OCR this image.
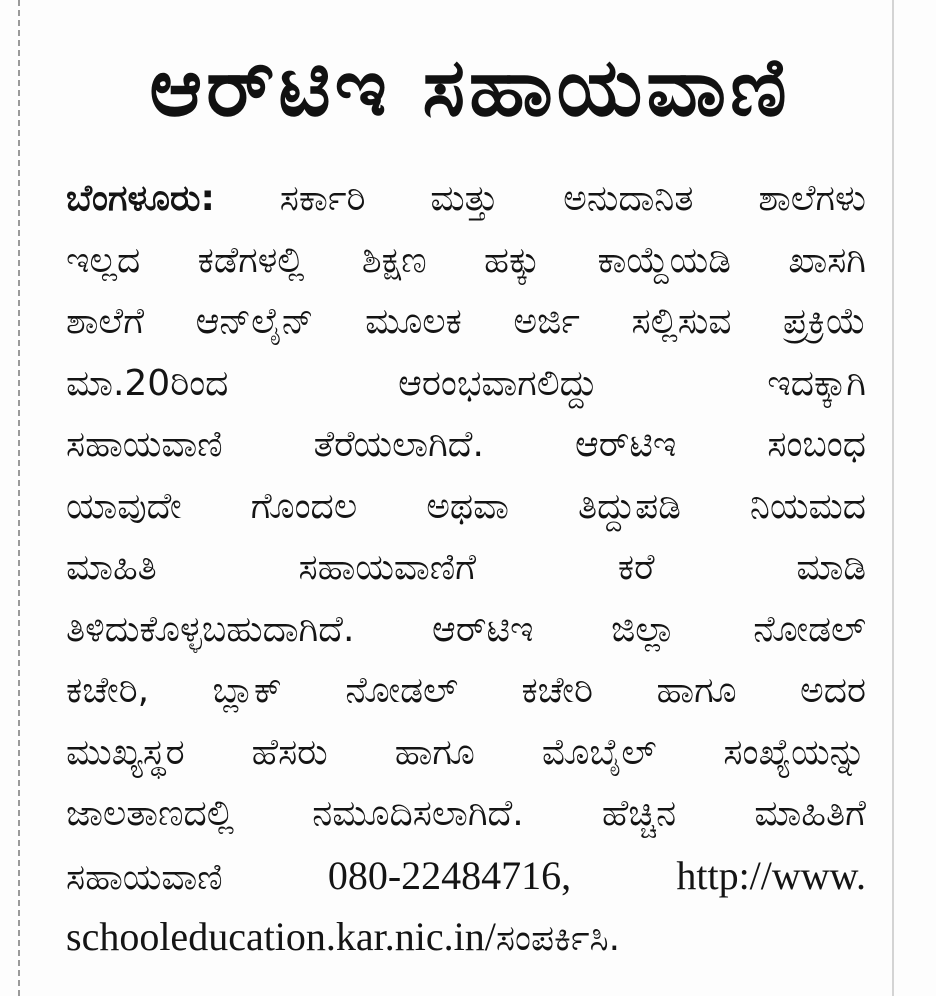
ಆರ್‌ಟಿಇ ಸಹಾಯವಾಣಿ
ಬೆಂಗಳೂರು: ಸರ್ಕಾರಿ ಮತ್ತು ಅನುದಾನಿತ ಶಾಲೆಗಳು
ಇಲ್ಲದ ಕಡೆಗಳಲ್ಲಿ ಶಿಕ್ಷಣ ಹಕ್ಕು ಕಾಯ್ದೆಯಡಿ ಖಾಸಗಿ
ಶಾಲೆಗೆ ಆನ್‌ಲೈನ್ ಮೂಲಕ ಅರ್ಜಿ ಸಲ್ಲಿಸುವ ಪ್ರಕ್ರಿಯೆ
ಮಾ.20ರಿಂದ ಆರಂಭವಾಗಲಿದ್ದು ಇದಕ್ಕಾಗಿ
ಸಹಾಯವಾಣಿ ತೆರೆಯಲಾಗಿದೆ. ಆರ್‌ಟಿಇ ಸಂಬಂಧ
ಯಾವುದೇ ಗೊಂದಲ ಅಥವಾ ತಿದ್ದುಪಡಿ ನಿಯಮದ
ಮಾಹಿತಿ ಸಹಾಯವಾಣಿಗೆ ಕರೆ ಮಾಡಿ
ತಿಳಿದುಕೊಳ್ಳಬಹುದಾಗಿದೆ. ಆರ್‌ಟಿಇ ಜಿಲ್ಲಾ ನೋಡಲ್
ಕಚೇರಿ, ಬ್ಲಾಕ್ ನೋಡಲ್ ಕಚೇರಿ ಹಾಗೂ ಅದರ
ಮುಖ್ಯಸ್ಥರ ಹೆಸರು ಹಾಗೂ ಮೊಬೈಲ್ ಸಂಖ್ಯೆಯನ್ನು
ಜಾಲತಾಣದಲ್ಲಿ ನಮೂದಿಸಲಾಗಿದೆ. ಹೆಚ್ಚಿನ ಮಾಹಿತಿಗೆ
ಸಹಾಯವಾಣಿ	080-22484716,	http://www.
schooleducation.kar.nic.in/ಸಂಪರ್ಕಿಸಿ.
